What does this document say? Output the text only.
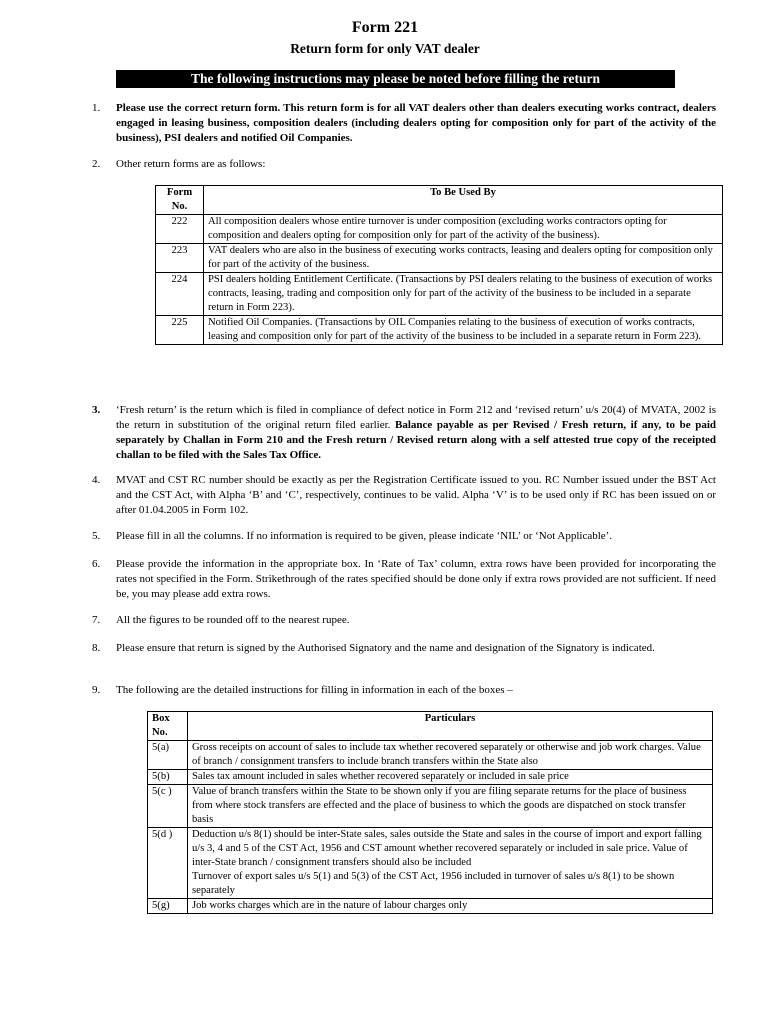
Form 221
Return form for only VAT dealer
The following instructions may please be noted before filling the return
1.	Please use the correct return form. This return form is for all VAT dealers other than dealers executing works contract, dealers engaged in leasing business, composition dealers (including dealers opting for composition only for part of the activity of the business), PSI dealers and notified Oil Companies.
2.	Other return forms are as follows:
Form No.	To Be Used By
222	All composition dealers whose entire turnover is under composition (excluding works contractors opting for composition and dealers opting for composition only for part of the activity of the business).
223	VAT dealers who are also in the business of executing works contracts, leasing and dealers opting for composition only for part of the activity of the business.
224	PSI dealers holding Entitlement Certificate. (Transactions by PSI dealers relating to the business of execution of works contracts, leasing, trading and composition only for part of the activity of the business to be included in a separate return in Form 223).
225	Notified Oil Companies. (Transactions by OIL Companies relating to the business of execution of works contracts, leasing and composition only for part of the activity of the business to be included in a separate return in Form 223).
3.	‘Fresh return’ is the return which is filed in compliance of defect notice in Form 212 and ‘revised return’ u/s 20(4) of MVATA, 2002 is the return in substitution of the original return filed earlier. Balance payable as per Revised / Fresh return, if any, to be paid separately by Challan in Form 210 and the Fresh return / Revised return along with a self attested true copy of the receipted challan to be filed with the Sales Tax Office.
4.	MVAT and CST RC number should be exactly as per the Registration Certificate issued to you. RC Number issued under the BST Act and the CST Act, with Alpha ‘B’ and ‘C’, respectively, continues to be valid. Alpha ‘V’ is to be used only if RC has been issued on or after 01.04.2005 in Form 102.
5.	Please fill in all the columns. If no information is required to be given, please indicate ‘NIL’ or ‘Not Applicable’.
6.	Please provide the information in the appropriate box. In ‘Rate of Tax’ column, extra rows have been provided for incorporating the rates not specified in the Form. Strikethrough of the rates specified should be done only if extra rows provided are not sufficient. If need be, you may please add extra rows.
7.	All the figures to be rounded off to the nearest rupee.
8.	Please ensure that return is signed by the Authorised Signatory and the name and designation of the Signatory is indicated.
9.	The following are the detailed instructions for filling in information in each of the boxes –
Box No.	Particulars
5(a)	Gross receipts on account of sales to include tax whether recovered separately or otherwise and job work charges. Value of branch / consignment transfers to include branch transfers within the State also
5(b)	Sales tax amount included in sales whether recovered separately or included in sale price
5(c )	Value of branch transfers within the State to be shown only if you are filing separate returns for the place of business from where stock transfers are effected and the place of business to which the goods are dispatched on stock transfer basis
5(d )	Deduction u/s 8(1) should be inter-State sales, sales outside the State and sales in the course of import and export falling u/s 3, 4 and 5 of the CST Act, 1956 and CST amount whether recovered separately or included in sale price. Value of inter-State branch / consignment transfers should also be included
Turnover of export sales u/s 5(1) and 5(3) of the CST Act, 1956 included in turnover of sales u/s 8(1) to be shown separately

5(g)	Job works charges which are in the nature of labour charges only
